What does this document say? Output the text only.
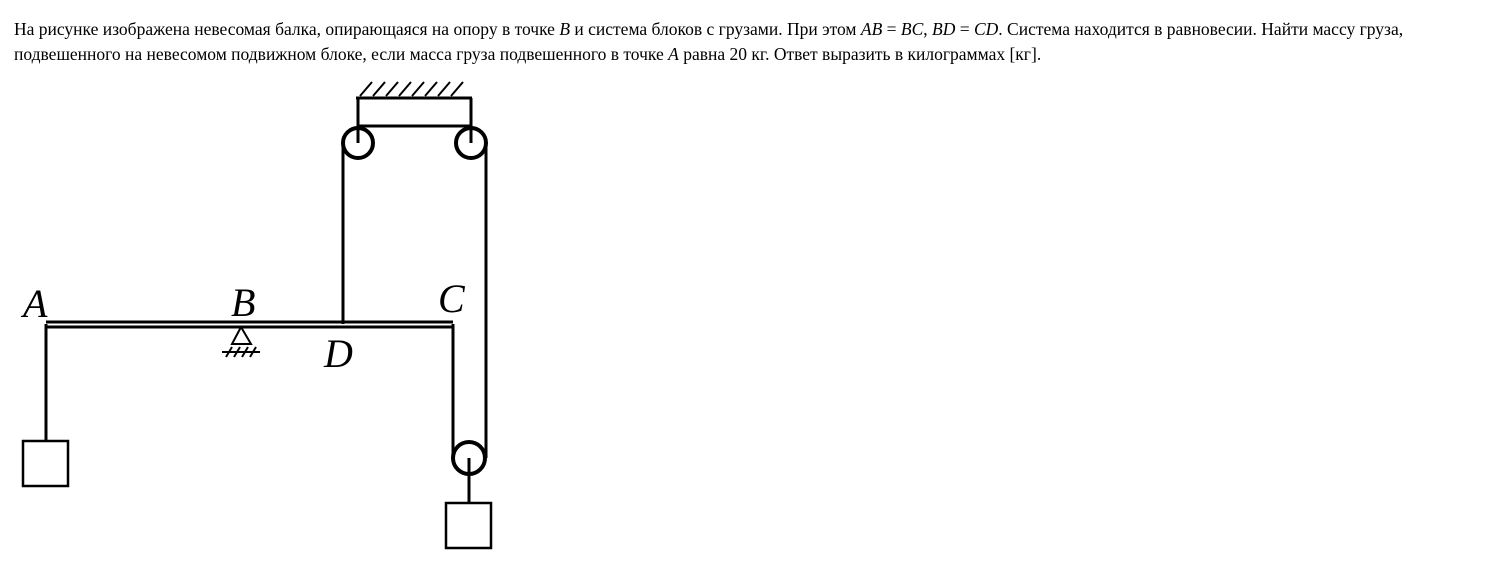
На рисунке изображена невесомая балка, опирающаяся на опору в точке B и система блоков с грузами. При этом AB = BC, BD = CD. Система находится в равновесии. Найти массу груза, подвешенного на невесомом подвижном блоке, если масса груза подвешенного в точке A равна 20 кг. Ответ выразить в килограммах [кг].

A	B	C
D
